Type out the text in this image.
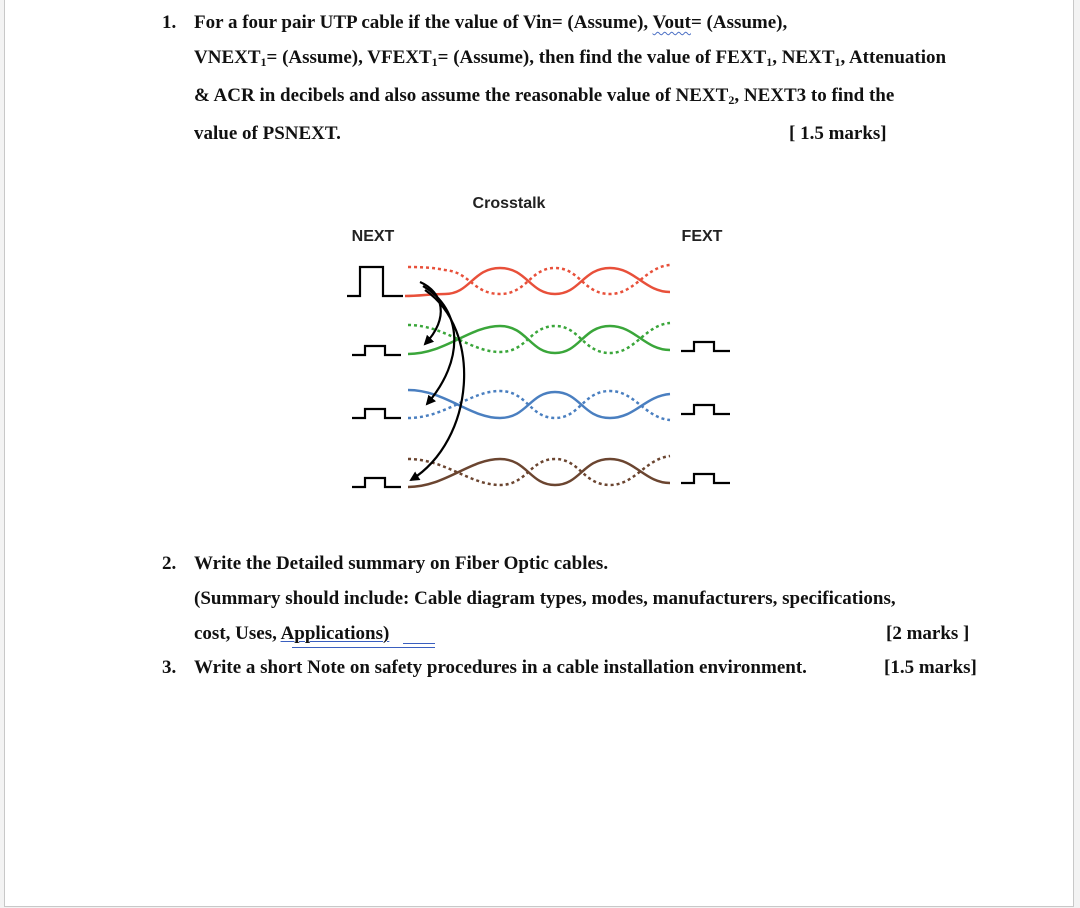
1. For a four pair UTP cable if the value of Vin= (Assume), Vout= (Assume),
$VNEXT_1=$ (Assume), $VFEXT_1=$ (Assume), then find the value of $FEXT_1$, $NEXT_1$, Attenuation
& ACR in decibels and also assume the reasonable value of $NEXT_2$, NEXT3 to find the
value of PSNEXT.	[ 1.5 marks]
Crosstalk
NEXT	FEXT
2. Write the Detailed summary on Fiber Optic cables.
(Summary should include: Cable diagram types, modes, manufacturers, specifications,
cost, Uses, Applications)	[2 marks ]
3. Write a short Note on safety procedures in a cable installation environment.	[1.5 marks]
